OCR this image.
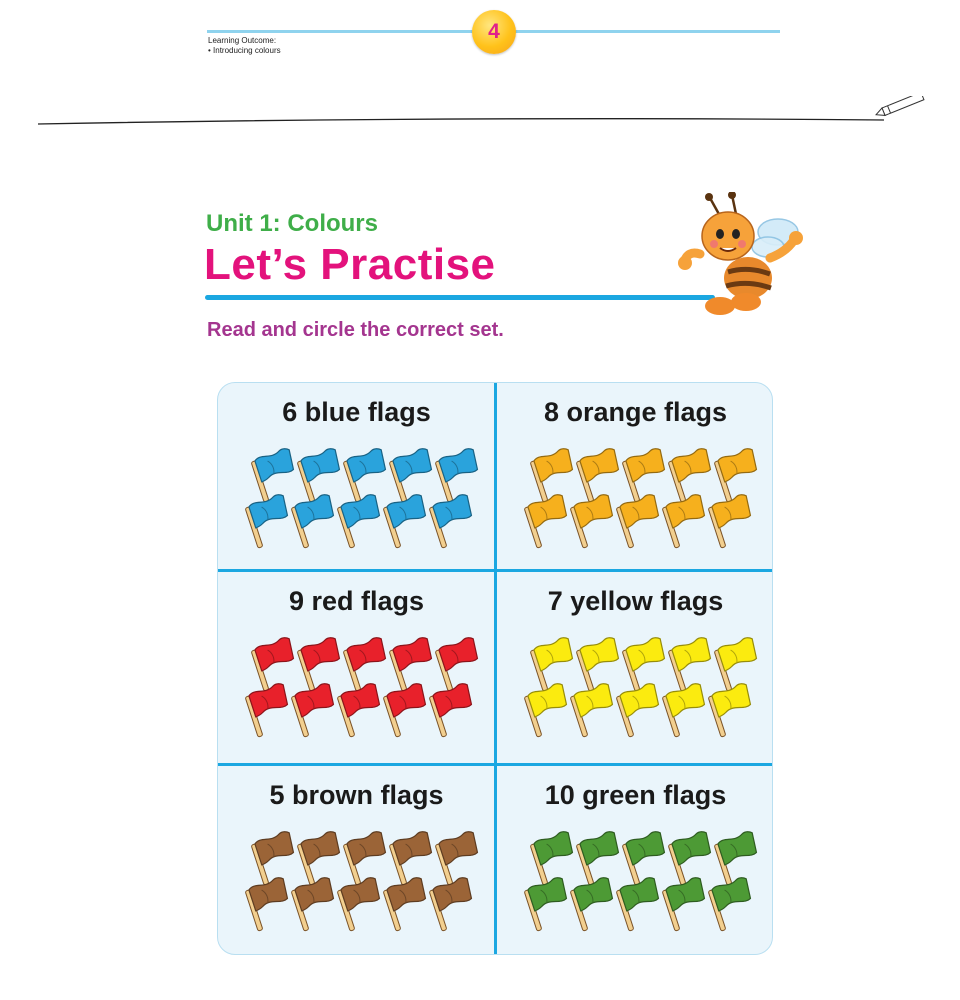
4
Learning Outcome:
• Introducing colours
Unit 1: Colours
Let’s Practise
Read and circle the correct set.
6 blue flags	8 orange flags
9 red flags	7 yellow flags
5 brown flags	10 green flags
